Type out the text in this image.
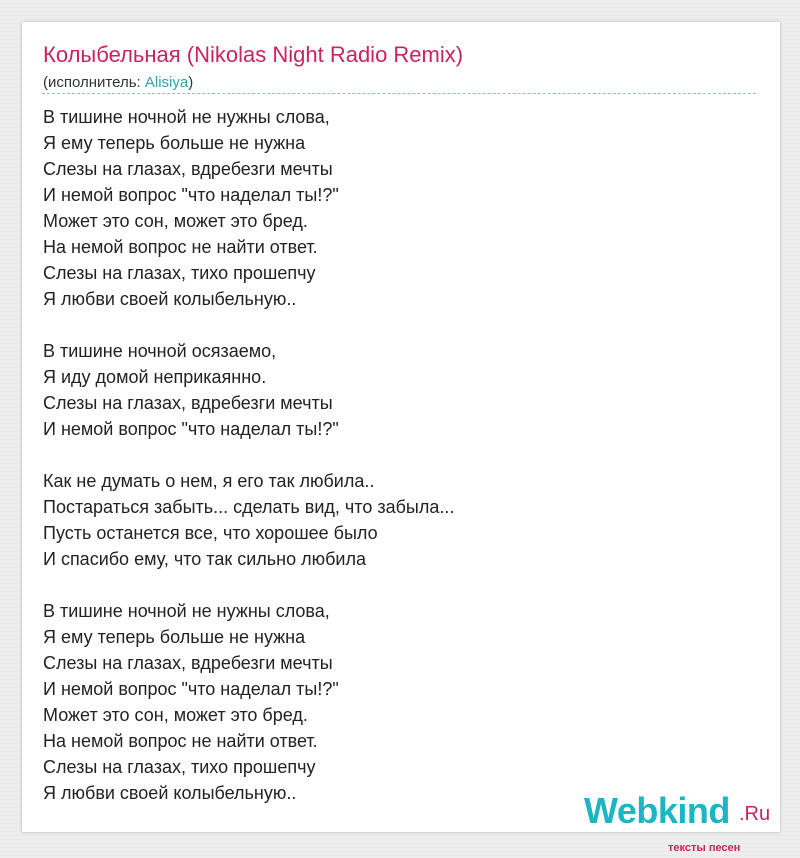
Колыбельная (Nikolas Night Radio Remix)
(исполнитель: Alisiya)
В тишине ночной не нужны слова,
Я ему теперь больше не нужна
Слезы на глазах, вдребезги мечты
И немой вопрос "что наделал ты!?"
Может это сон, может это бред.
На немой вопрос не найти ответ.
Слезы на глазах, тихо прошепчу
Я любви своей колыбельную..
В тишине ночной осязаемо,
Я иду домой неприкаянно.
Слезы на глазах, вдребезги мечты
И немой вопрос "что наделал ты!?"
Как не думать о нем, я его так любила..
Постараться забыть... сделать вид, что забыла...
Пусть останется все, что хорошее было
И спасибо ему, что так сильно любила
В тишине ночной не нужны слова,
Я ему теперь больше не нужна
Слезы на глазах, вдребезги мечты
И немой вопрос "что наделал ты!?"
Может это сон, может это бред.
На немой вопрос не найти ответ.
Слезы на глазах, тихо прошепчу
Я любви своей колыбельную..	Webkind .Ru
тексты песен
